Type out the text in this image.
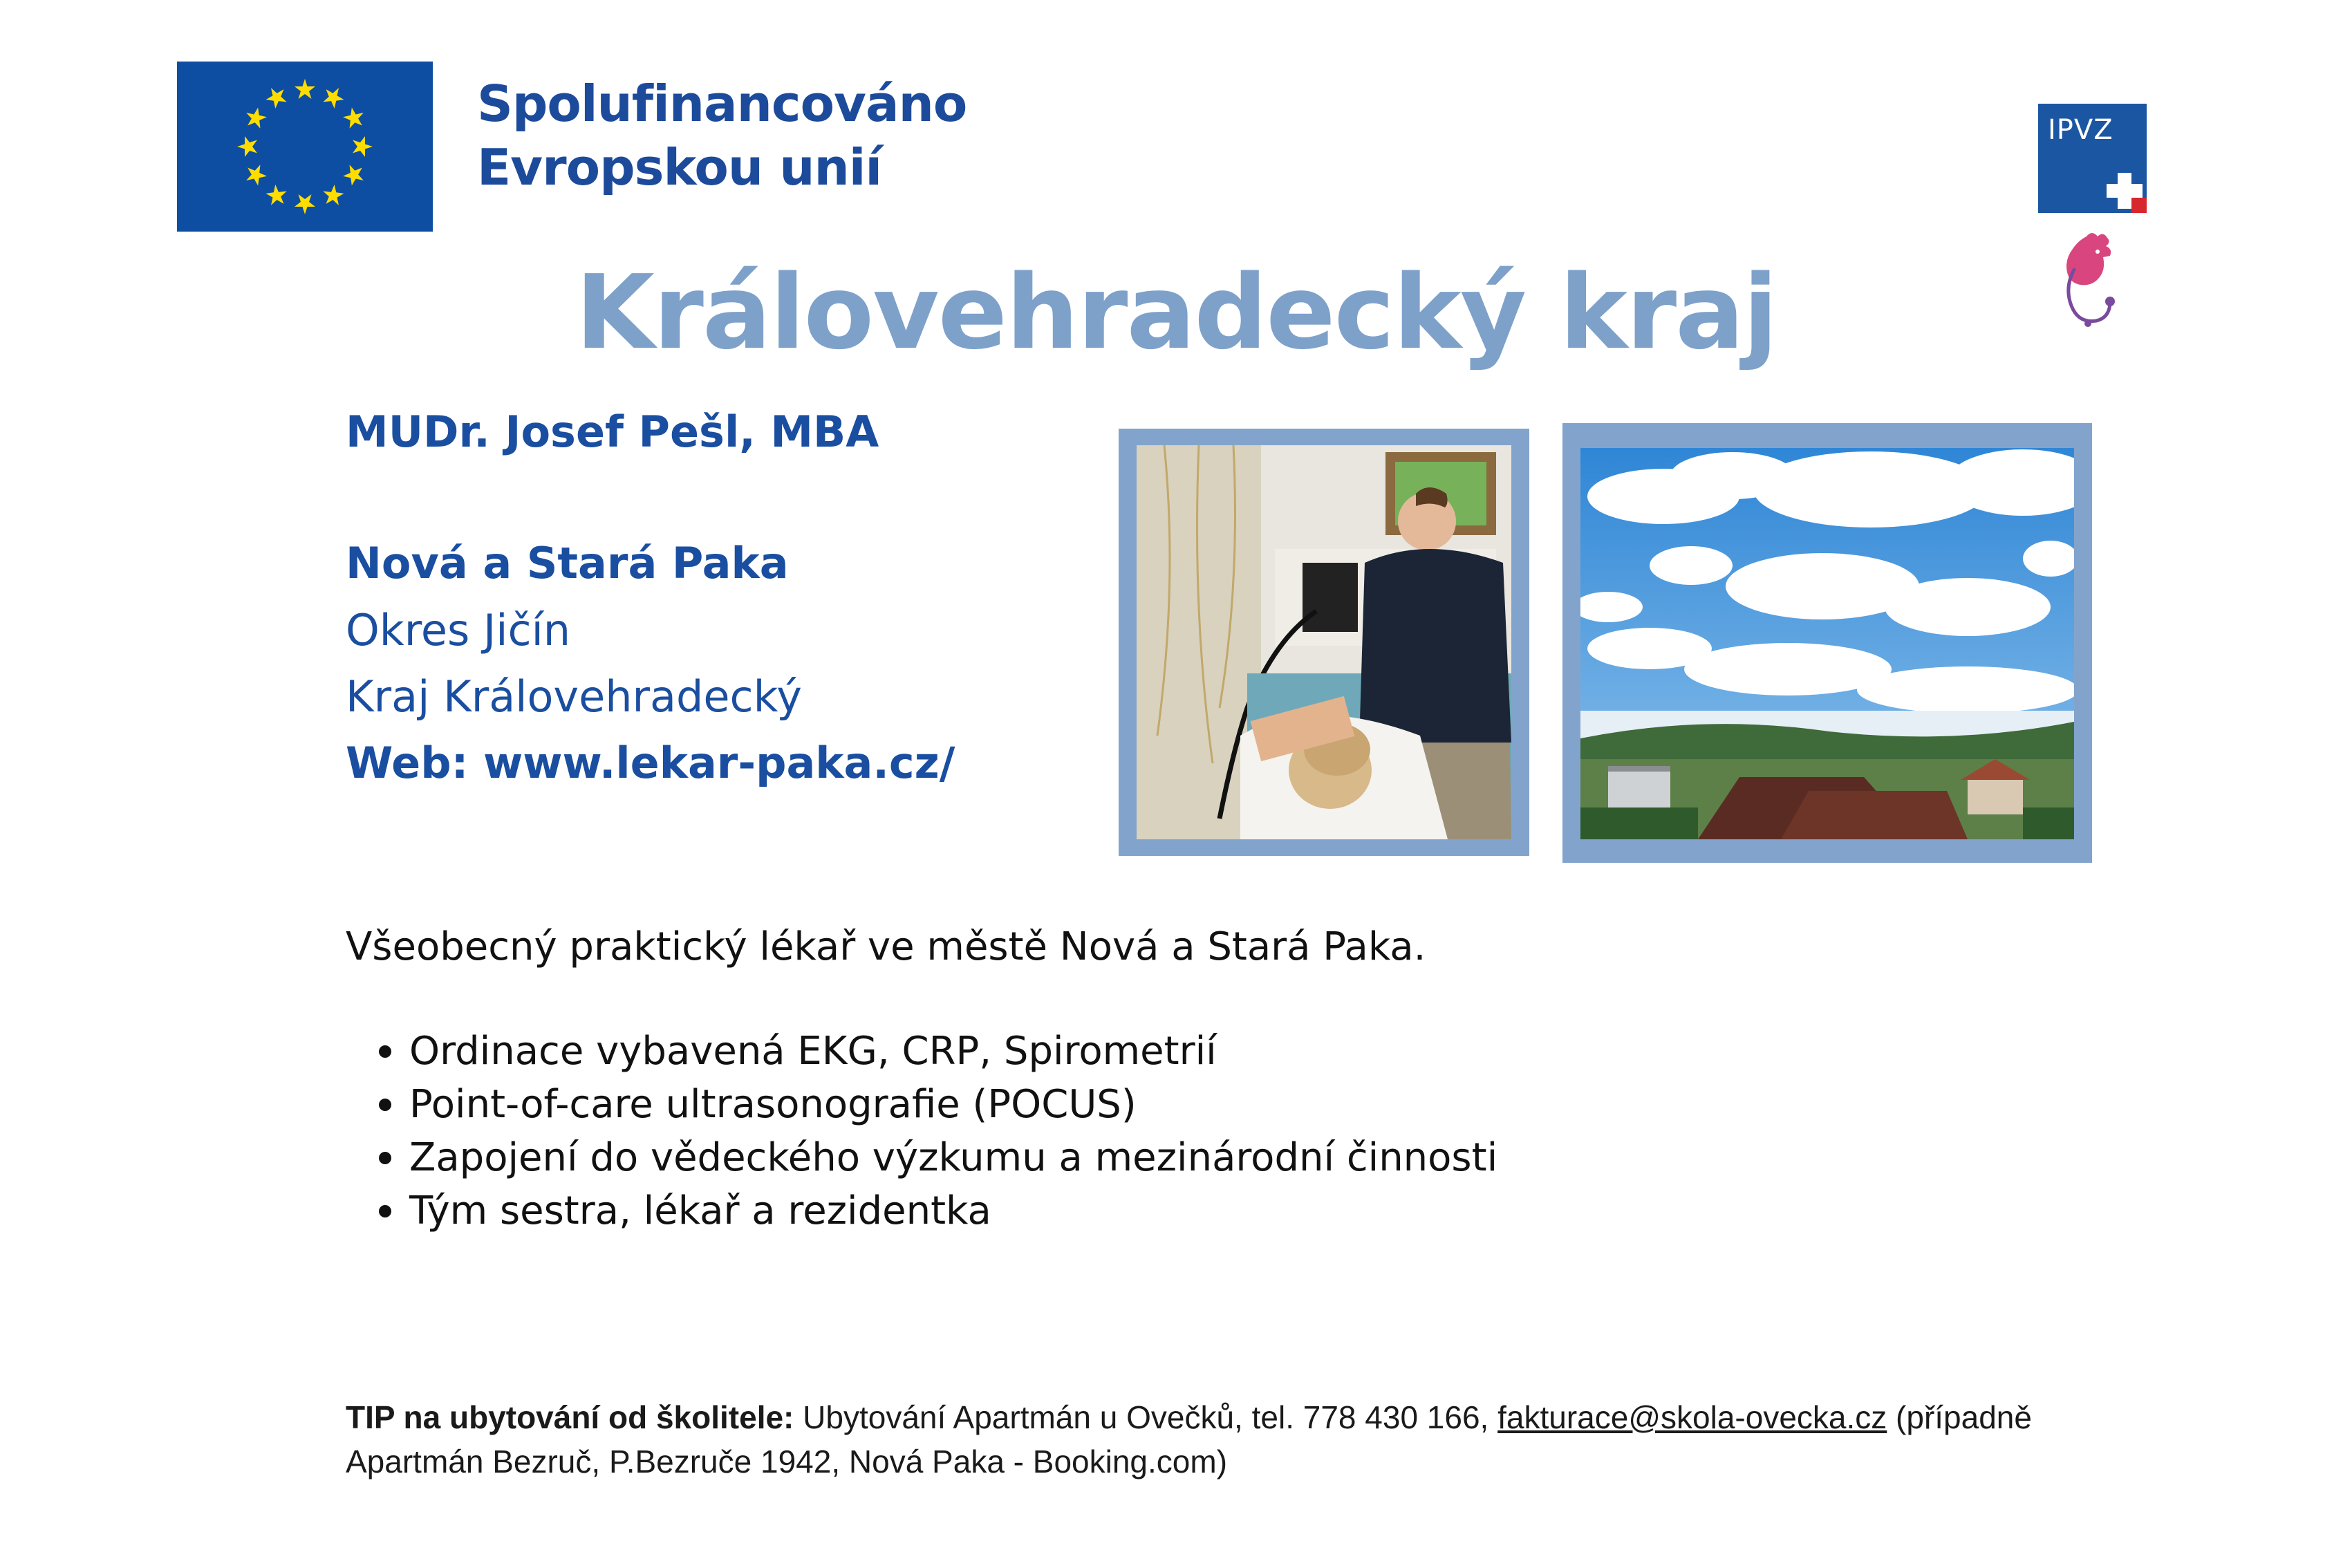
Spolufinancováno
Evropskou unií
IPVZ
Královehradecký kraj
MUDr. Josef Pešl, MBA
Nová a Stará Paka
Okres Jičín
Kraj Královehradecký
Web: www.lekar-paka.cz/
Všeobecný praktický lékař ve městě Nová a Stará Paka.
Ordinace vybavená EKG, CRP, Spirometrií
Point-of-care ultrasonografie (POCUS)
Zapojení do vědeckého výzkumu a mezinárodní činnosti
Tým sestra, lékař a rezidentka
TIP na ubytování od školitele: Ubytování Apartmán u Ovečků, tel. 778 430 166, fakturace@skola-ovecka.cz (případně Apartmán Bezruč, P.Bezruče 1942, Nová Paka - Booking.com)
